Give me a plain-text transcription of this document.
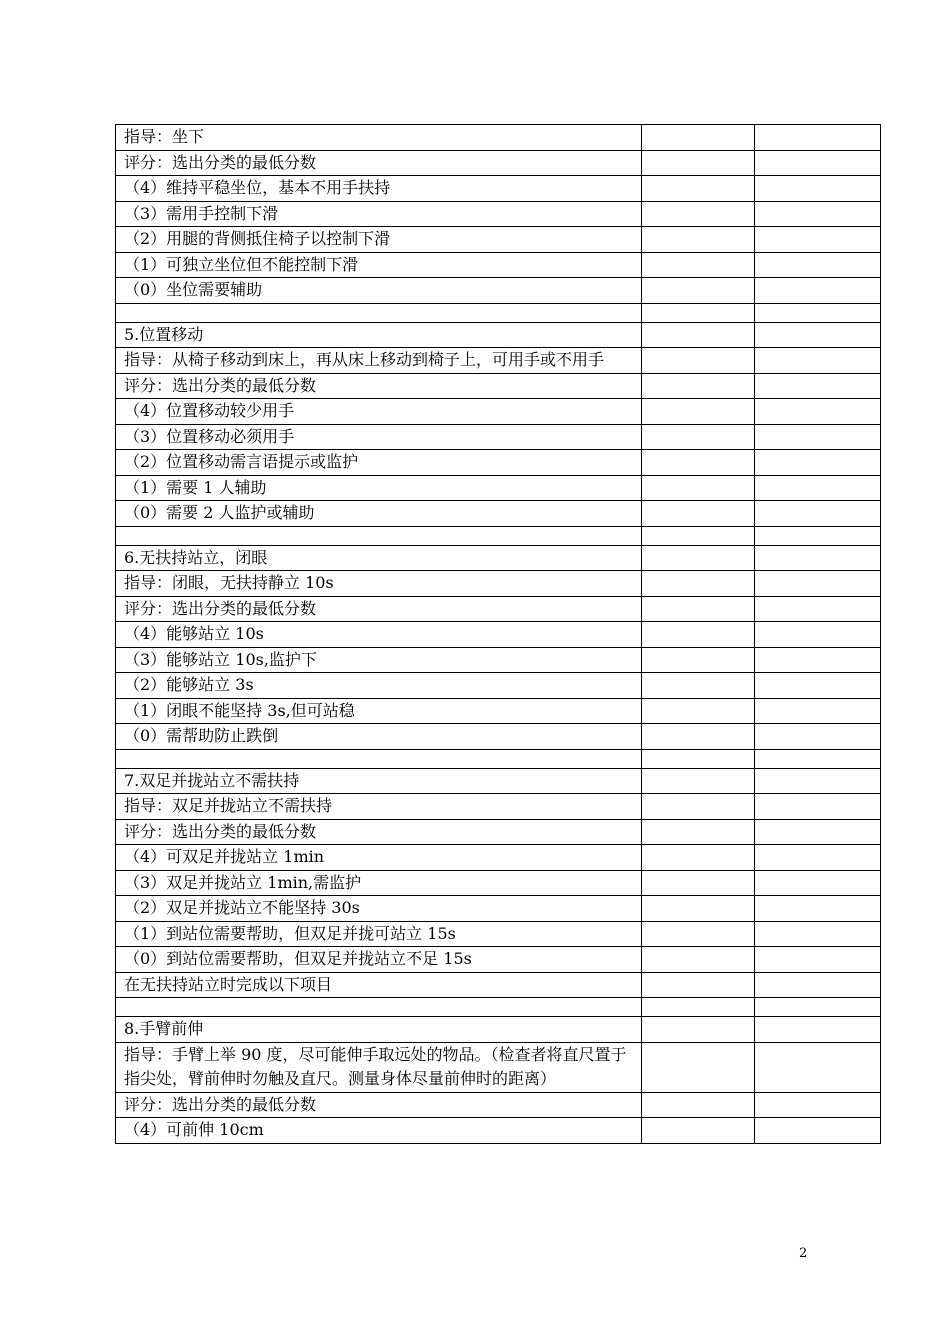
指导：坐下		
评分：选出分类的最低分数		
（4）维持平稳坐位，基本不用手扶持		
（3）需用手控制下滑		
（2）用腿的背侧抵住椅子以控制下滑		
（1）可独立坐位但不能控制下滑		
（0）坐位需要辅助		

5.位置移动		
指导：从椅子移动到床上，再从床上移动到椅子上，可用手或不用手		
评分：选出分类的最低分数		
（4）位置移动较少用手		
（3）位置移动必须用手		
（2）位置移动需言语提示或监护		
（1）需要 1 人辅助		
（0）需要 2 人监护或辅助		

6.无扶持站立，闭眼		
指导：闭眼，无扶持静立 10s		
评分：选出分类的最低分数		
（4）能够站立 10s		
（3）能够站立 10s,监护下		
（2）能够站立 3s		
（1）闭眼不能坚持 3s,但可站稳		
（0）需帮助防止跌倒		

7.双足并拢站立不需扶持		
指导：双足并拢站立不需扶持		
评分：选出分类的最低分数		
（4）可双足并拢站立 1min		
（3）双足并拢站立 1min,需监护		
（2）双足并拢站立不能坚持 30s		
（1）到站位需要帮助，但双足并拢可站立 15s		
（0）到站位需要帮助，但双足并拢站立不足 15s		
在无扶持站立时完成以下项目		

8.手臂前伸		
指导：手臂上举 90 度，尽可能伸手取远处的物品。（检查者将直尺置于指尖处，臂前伸时勿触及直尺。测量身体尽量前伸时的距离）		
评分：选出分类的最低分数		
（4）可前伸 10cm		
2
